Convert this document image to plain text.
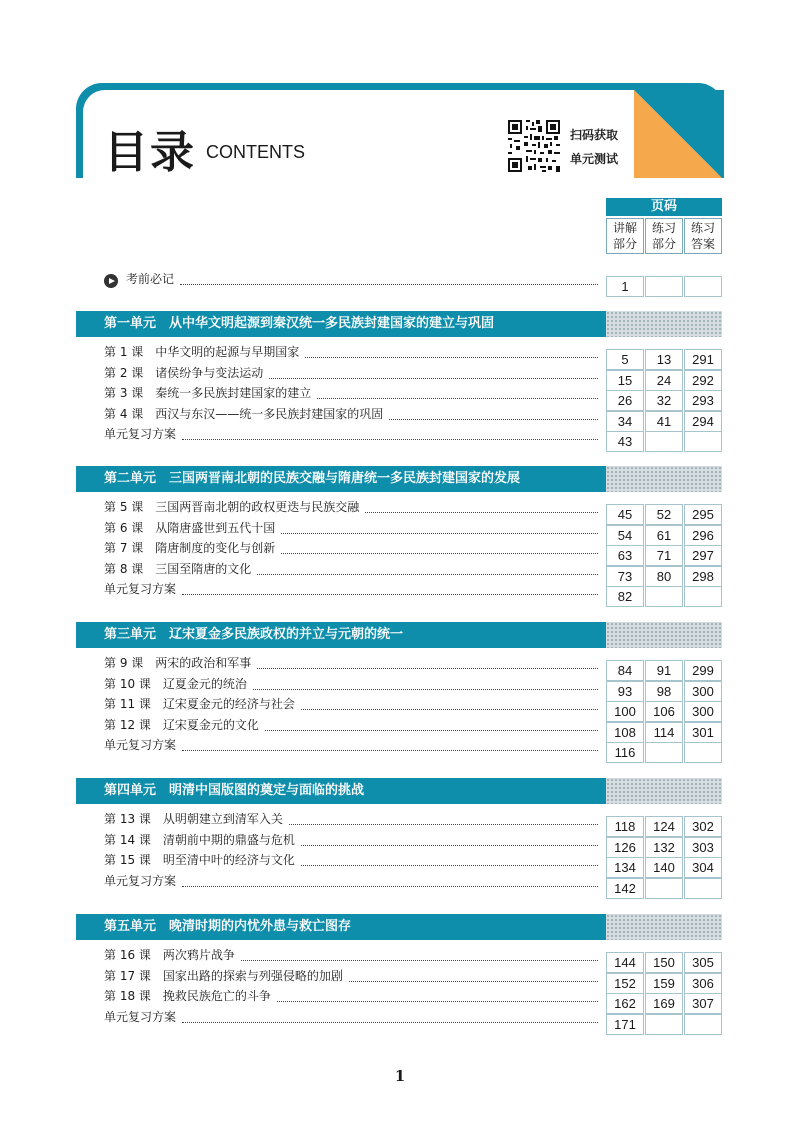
目录 CONTENTS
扫码获取
单元测试
页码
讲解
部分
练习
部分
练习
答案
考前必记	1
第一单元　从中华文明起源到秦汉统一多民族封建国家的建立与巩固
第 1 课　中华文明的起源与早期国家	5	13	291
第 2 课　诸侯纷争与变法运动	15	24	292
第 3 课　秦统一多民族封建国家的建立	26	32	293
第 4 课　西汉与东汉——统一多民族封建国家的巩固	34	41	294
单元复习方案	43
第二单元　三国两晋南北朝的民族交融与隋唐统一多民族封建国家的发展
第 5 课　三国两晋南北朝的政权更迭与民族交融	45	52	295
第 6 课　从隋唐盛世到五代十国	54	61	296
第 7 课　隋唐制度的变化与创新	63	71	297
第 8 课　三国至隋唐的文化	73	80	298
单元复习方案	82
第三单元　辽宋夏金多民族政权的并立与元朝的统一
第 9 课　两宋的政治和军事	84	91	299
第 10 课　辽夏金元的统治	93	98	300
第 11 课　辽宋夏金元的经济与社会	100	106	300
第 12 课　辽宋夏金元的文化	108	114	301
单元复习方案	116
第四单元　明清中国版图的奠定与面临的挑战
第 13 课　从明朝建立到清军入关	118	124	302
第 14 课　清朝前中期的鼎盛与危机	126	132	303
第 15 课　明至清中叶的经济与文化	134	140	304
单元复习方案	142
第五单元　晚清时期的内忧外患与救亡图存
第 16 课　两次鸦片战争	144	150	305
第 17 课　国家出路的探索与列强侵略的加剧	152	159	306
第 18 课　挽救民族危亡的斗争	162	169	307
单元复习方案	171
1
